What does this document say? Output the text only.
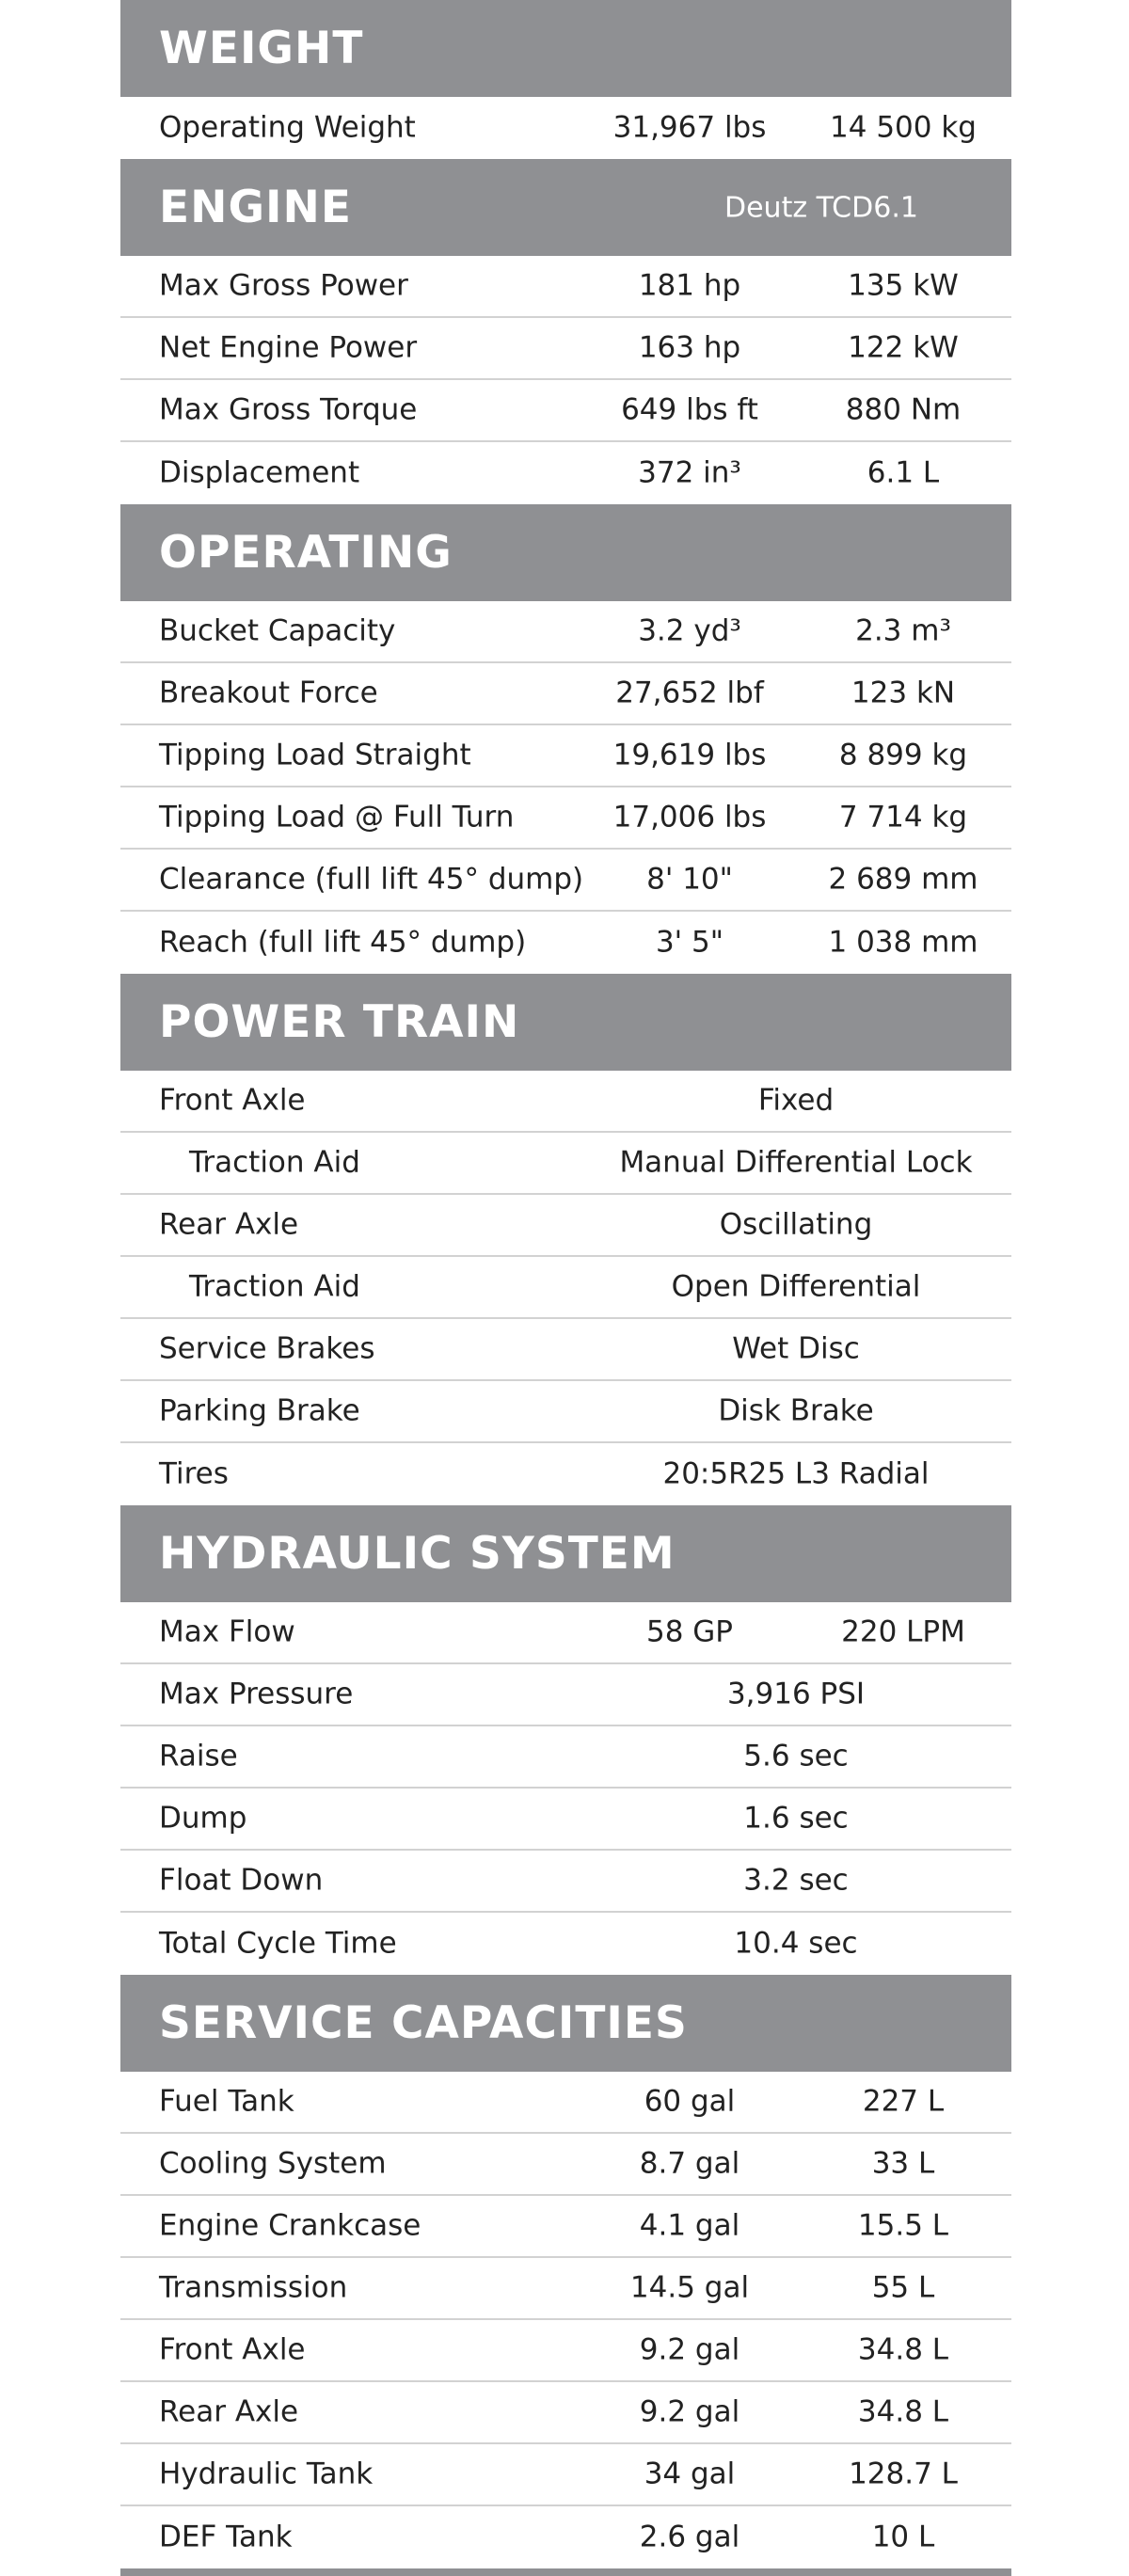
WEIGHT
Operating Weight	31,967 lbs 14 500 kg
ENGINE	Deutz TCD6.1
Max Gross Power	181 hp	135 kW
Net Engine Power	163 hp	122 kW
Max Gross Torque	649 lbs ft	880 Nm
Displacement	372 in³	6.1 L
OPERATING
Bucket Capacity	3.2 yd³	2.3 m³
Breakout Force	27,652 lbf	123 kN
Tipping Load Straight	19,619 lbs	8 899 kg
Tipping Load @ Full Turn	17,006 lbs	7 714 kg
Clearance (full lift 45° dump) 8' 10"	2 689 mm
Reach (full lift 45° dump)	3' 5"	1 038 mm
POWER TRAIN
Front Axle	Fixed
Traction Aid	Manual Differential Lock
Rear Axle	Oscillating
Traction Aid	Open Differential
Service Brakes	Wet Disc
Parking Brake	Disk Brake
Tires	20:5R25 L3 Radial
HYDRAULIC SYSTEM
Max Flow	58 GP	220 LPM
Max Pressure	3,916 PSI
Raise	5.6 sec
Dump	1.6 sec
Float Down	3.2 sec
Total Cycle Time	10.4 sec
SERVICE CAPACITIES
Fuel Tank	60 gal	227 L
Cooling System	8.7 gal	33 L
Engine Crankcase	4.1 gal	15.5 L
Transmission	14.5 gal	55 L
Front Axle	9.2 gal	34.8 L
Rear Axle	9.2 gal	34.8 L
Hydraulic Tank	34 gal	128.7 L
DEF Tank	2.6 gal	10 L
